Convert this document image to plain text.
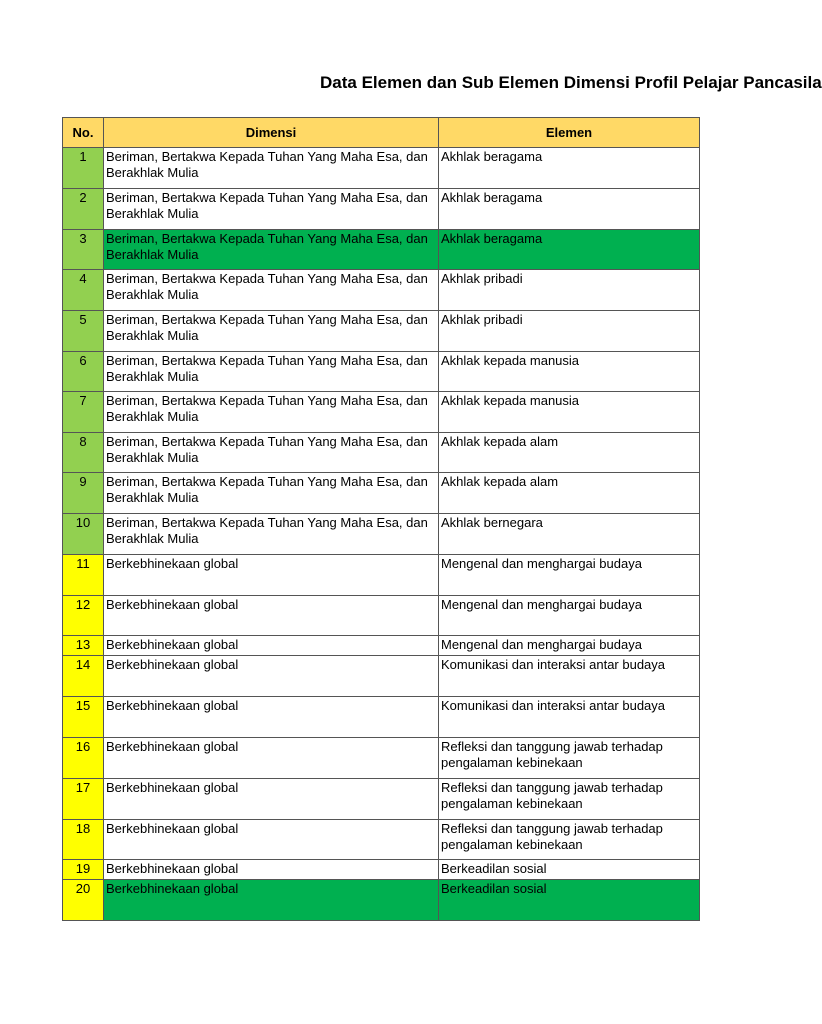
Data Elemen dan Sub Elemen Dimensi Profil Pelajar Pancasila
No.	Dimensi	Elemen
1	Beriman, Bertakwa Kepada Tuhan Yang Maha Esa, dan Berakhlak Mulia	Akhlak beragama
2	Beriman, Bertakwa Kepada Tuhan Yang Maha Esa, dan Berakhlak Mulia	Akhlak beragama
3	Beriman, Bertakwa Kepada Tuhan Yang Maha Esa, dan Berakhlak Mulia	Akhlak beragama
4	Beriman, Bertakwa Kepada Tuhan Yang Maha Esa, dan Berakhlak Mulia	Akhlak pribadi
5	Beriman, Bertakwa Kepada Tuhan Yang Maha Esa, dan Berakhlak Mulia	Akhlak pribadi
6	Beriman, Bertakwa Kepada Tuhan Yang Maha Esa, dan Berakhlak Mulia	Akhlak kepada manusia
7	Beriman, Bertakwa Kepada Tuhan Yang Maha Esa, dan Berakhlak Mulia	Akhlak kepada manusia
8	Beriman, Bertakwa Kepada Tuhan Yang Maha Esa, dan Berakhlak Mulia	Akhlak kepada alam
9	Beriman, Bertakwa Kepada Tuhan Yang Maha Esa, dan Berakhlak Mulia	Akhlak kepada alam
10	Beriman, Bertakwa Kepada Tuhan Yang Maha Esa, dan Berakhlak Mulia	Akhlak bernegara
11	Berkebhinekaan global	Mengenal dan menghargai budaya
12	Berkebhinekaan global	Mengenal dan menghargai budaya
13	Berkebhinekaan global	Mengenal dan menghargai budaya
14	Berkebhinekaan global	Komunikasi dan interaksi antar budaya
15	Berkebhinekaan global	Komunikasi dan interaksi antar budaya
16	Berkebhinekaan global	Refleksi dan tanggung jawab terhadap pengalaman kebinekaan
17	Berkebhinekaan global	Refleksi dan tanggung jawab terhadap pengalaman kebinekaan
18	Berkebhinekaan global	Refleksi dan tanggung jawab terhadap pengalaman kebinekaan
19	Berkebhinekaan global	Berkeadilan sosial
20	Berkebhinekaan global	Berkeadilan sosial
